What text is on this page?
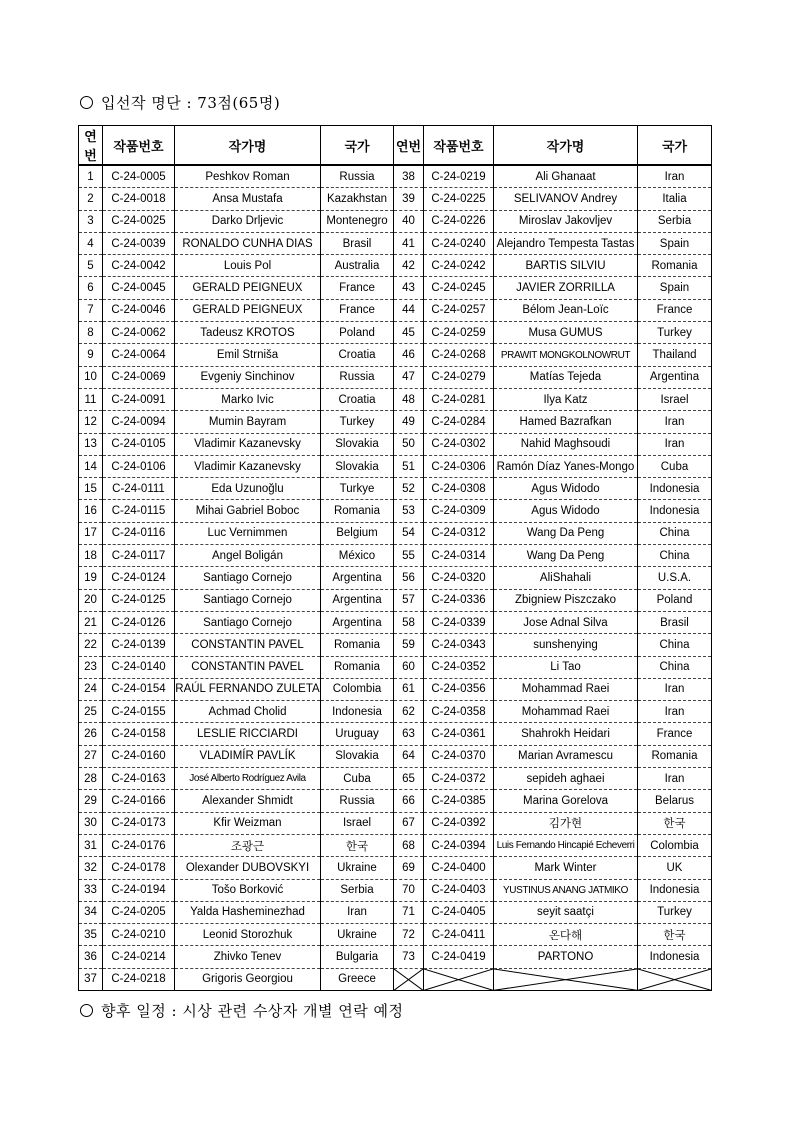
입선작 명단 : 73점(65명)
연번	작품번호	작가명	국가	연번	작품번호	작가명	국가
1	C-24-0005	Peshkov Roman	Russia	38	C-24-0219	Ali Ghanaat	Iran
2	C-24-0018	Ansa Mustafa	Kazakhstan	39	C-24-0225	SELIVANOV Andrey	Italia
3	C-24-0025	Darko Drljevic	Montenegro	40	C-24-0226	Miroslav Jakovljev	Serbia
4	C-24-0039	RONALDO CUNHA DIAS	Brasil	41	C-24-0240	Alejandro Tempesta Tastas	Spain
5	C-24-0042	Louis Pol	Australia	42	C-24-0242	BARTIS SILVIU	Romania
6	C-24-0045	GERALD PEIGNEUX	France	43	C-24-0245	JAVIER ZORRILLA	Spain
7	C-24-0046	GERALD PEIGNEUX	France	44	C-24-0257	Bélom Jean-Loïc	France
8	C-24-0062	Tadeusz KROTOS	Poland	45	C-24-0259	Musa GUMUS	Turkey
9	C-24-0064	Emil Strniša	Croatia	46	C-24-0268	PRAWIT MONGKOLNOWRUT	Thailand
10	C-24-0069	Evgeniy Sinchinov	Russia	47	C-24-0279	Matías Tejeda	Argentina
11	C-24-0091	Marko Ivic	Croatia	48	C-24-0281	Ilya Katz	Israel
12	C-24-0094	Mumin Bayram	Turkey	49	C-24-0284	Hamed Bazrafkan	Iran
13	C-24-0105	Vladimir Kazanevsky	Slovakia	50	C-24-0302	Nahid Maghsoudi	Iran
14	C-24-0106	Vladimir Kazanevsky	Slovakia	51	C-24-0306	Ramón Díaz Yanes-Mongo	Cuba
15	C-24-0111	Eda Uzunoğlu	Turkye	52	C-24-0308	Agus Widodo	Indonesia
16	C-24-0115	Mihai Gabriel Boboc	Romania	53	C-24-0309	Agus Widodo	Indonesia
17	C-24-0116	Luc Vernimmen	Belgium	54	C-24-0312	Wang Da Peng	China
18	C-24-0117	Angel Boligán	México	55	C-24-0314	Wang Da Peng	China
19	C-24-0124	Santiago Cornejo	Argentina	56	C-24-0320	AliShahali	U.S.A.
20	C-24-0125	Santiago Cornejo	Argentina	57	C-24-0336	Zbigniew Piszczako	Poland
21	C-24-0126	Santiago Cornejo	Argentina	58	C-24-0339	Jose Adnal Silva	Brasil
22	C-24-0139	CONSTANTIN PAVEL	Romania	59	C-24-0343	sunshenying	China
23	C-24-0140	CONSTANTIN PAVEL	Romania	60	C-24-0352	Li Tao	China
24	C-24-0154	RAÚL FERNANDO ZULETA	Colombia	61	C-24-0356	Mohammad Raei	Iran
25	C-24-0155	Achmad Cholid	Indonesia	62	C-24-0358	Mohammad Raei	Iran
26	C-24-0158	LESLIE RICCIARDI	Uruguay	63	C-24-0361	Shahrokh Heidari	France
27	C-24-0160	VLADIMÍR PAVLÍK	Slovakia	64	C-24-0370	Marian Avramescu	Romania
28	C-24-0163	José Alberto Rodríguez Avila	Cuba	65	C-24-0372	sepideh aghaei	Iran
29	C-24-0166	Alexander Shmidt	Russia	66	C-24-0385	Marina Gorelova	Belarus
30	C-24-0173	Kfir Weizman	Israel	67	C-24-0392	김가현	한국
31	C-24-0176	조광근	한국	68	C-24-0394	Luis Fernando Hincapié Echeverri	Colombia
32	C-24-0178	Olexander DUBOVSKYI	Ukraine	69	C-24-0400	Mark Winter	UK
33	C-24-0194	Tošo Borković	Serbia	70	C-24-0403	YUSTINUS ANANG JATMIKO	Indonesia
34	C-24-0205	Yalda Hasheminezhad	Iran	71	C-24-0405	seyit saatçi	Turkey
35	C-24-0210	Leonid Storozhuk	Ukraine	72	C-24-0411	온다해	한국
36	C-24-0214	Zhivko Tenev	Bulgaria	73	C-24-0419	PARTONO	Indonesia
37	C-24-0218	Grigoris Georgiou	Greece	

향후 일정 : 시상 관련 수상자 개별 연락 예정
